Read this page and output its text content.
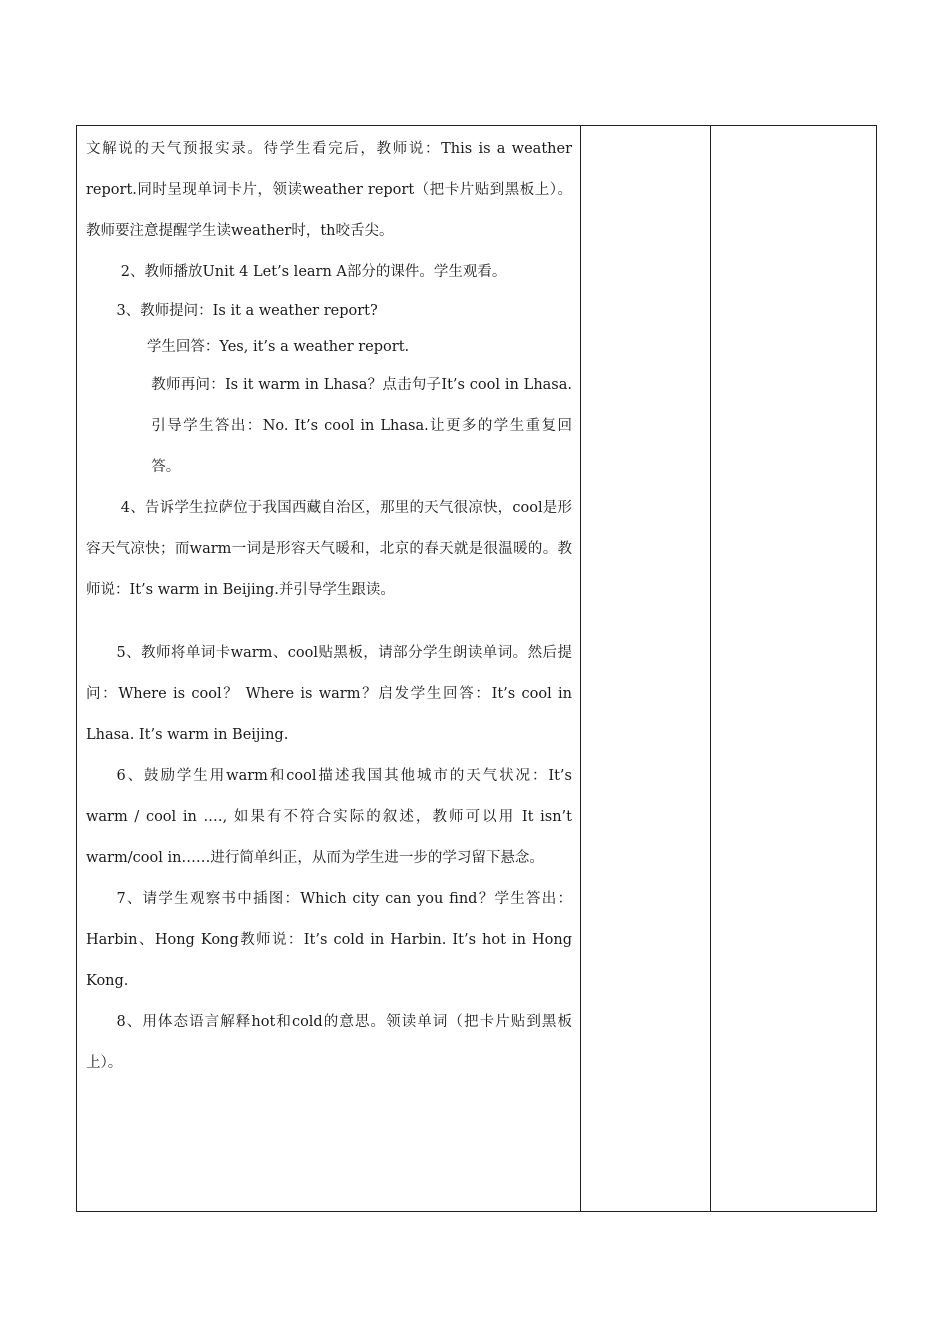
文解说的天气预报实录。待学生看完后，教师说：This is a weather report.同时呈现单词卡片，领读weather report（把卡片贴到黑板上）。教师要注意提醒学生读weather时，th咬舌尖。

2、教师播放Unit 4 Let’s learn A部分的课件。学生观看。

3、教师提问：Is it a weather report?

学生回答：Yes, it’s a weather report.

教师再问：Is it warm in Lhasa？点击句子It’s cool in Lhasa.引导学生答出：No. It’s cool in Lhasa.让更多的学生重复回答。

4、告诉学生拉萨位于我国西藏自治区，那里的天气很凉快，cool是形容天气凉快；而warm一词是形容天气暖和，北京的春天就是很温暖的。教师说：It’s warm in Beijing.并引导学生跟读。

5、教师将单词卡warm、cool贴黑板，请部分学生朗读单词。然后提问：Where is cool？ Where is warm？启发学生回答：It’s cool in Lhasa. It’s warm in Beijing.

6、鼓励学生用warm和cool描述我国其他城市的天气状况：It’s warm / cool in .…, 如果有不符合实际的叙述，教师可以用 It isn’t warm/cool in……进行简单纠正，从而为学生进一步的学习留下悬念。

7、请学生观察书中插图：Which city can you find？学生答出：Harbin、Hong Kong教师说：It’s cold in Harbin. It’s hot in Hong Kong.

8、用体态语言解释hot和cold的意思。领读单词（把卡片贴到黑板上）。
